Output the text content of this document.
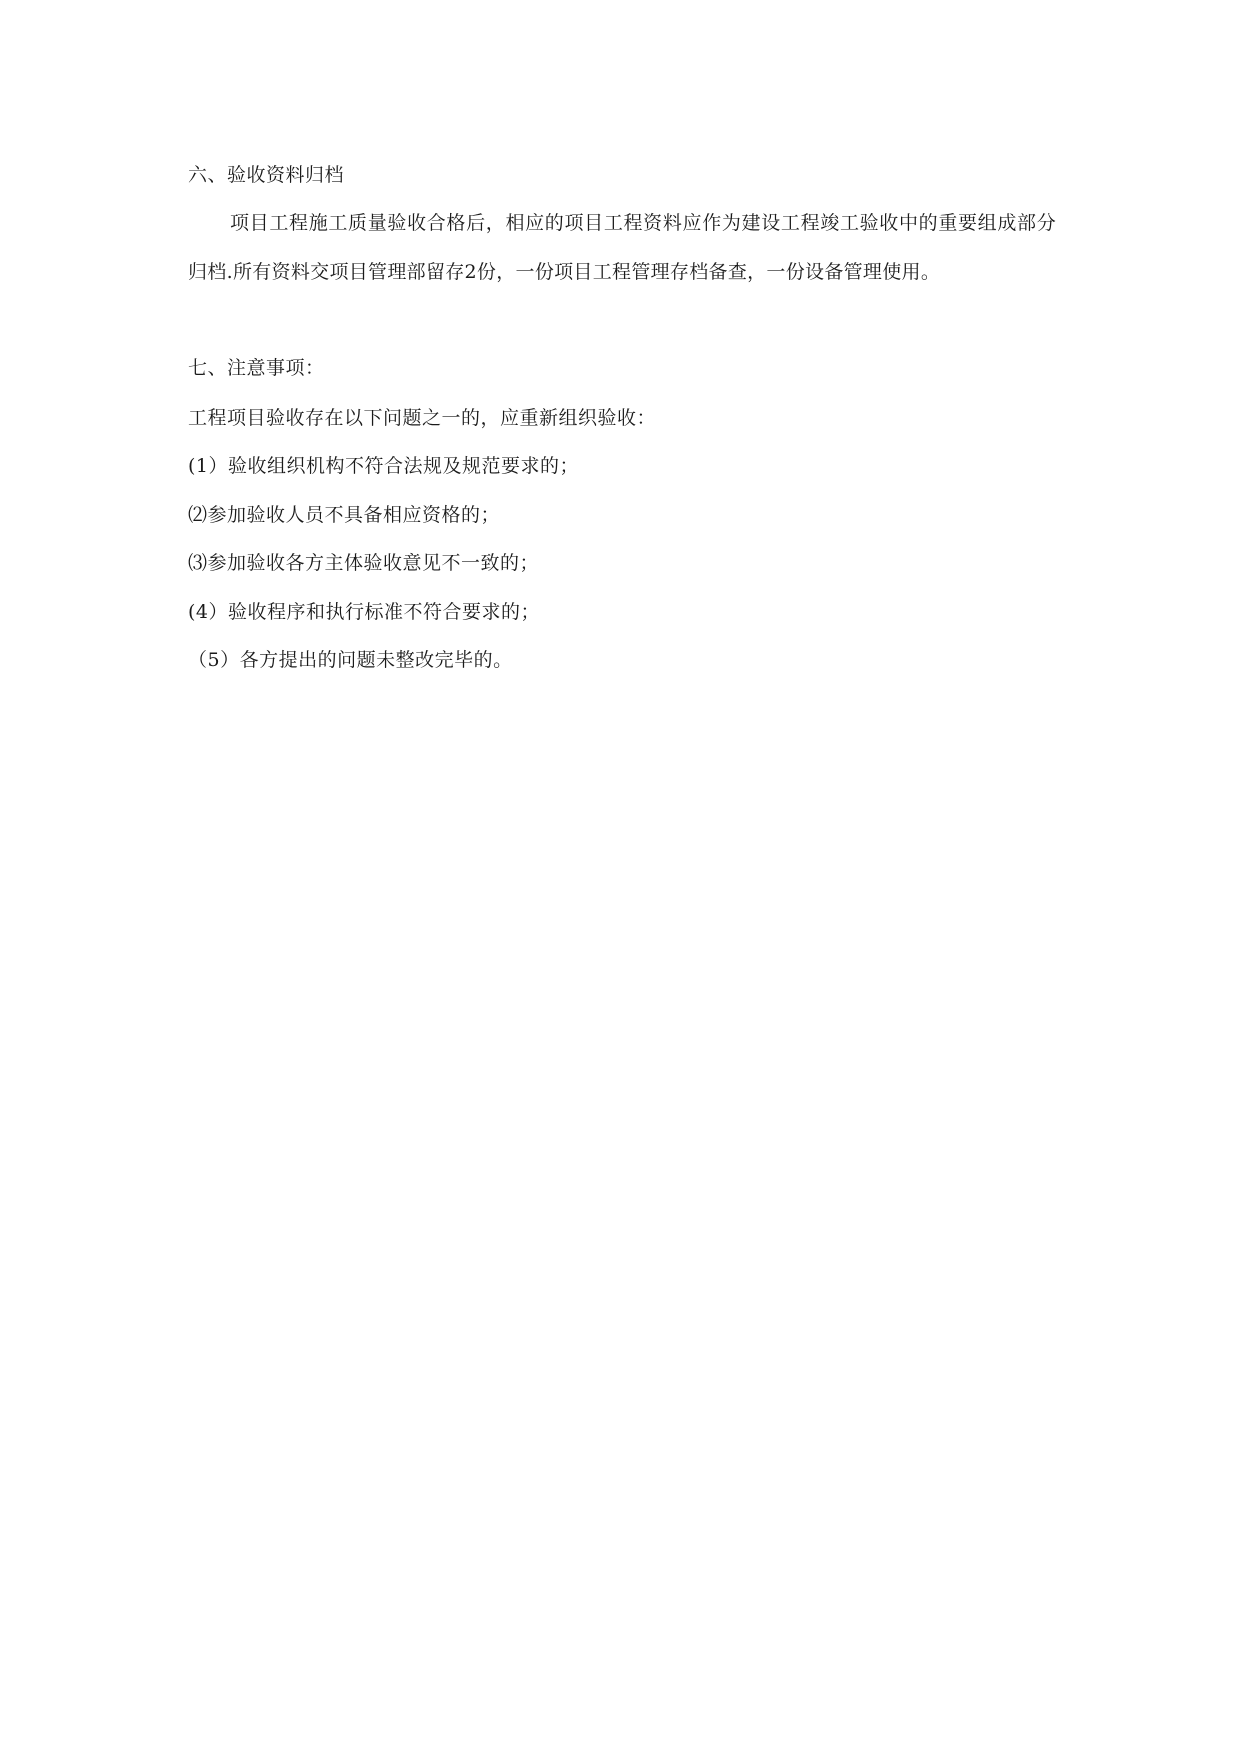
六、验收资料归档
项目工程施工质量验收合格后，相应的项目工程资料应作为建设工程竣工验收中的重要组成部分归档.所有资料交项目管理部留存2份，一份项目工程管理存档备查，一份设备管理使用。
七、注意事项：
工程项目验收存在以下问题之一的，应重新组织验收：
(1）验收组织机构不符合法规及规范要求的；
⑵参加验收人员不具备相应资格的；
⑶参加验收各方主体验收意见不一致的；
(4）验收程序和执行标准不符合要求的；
（5）各方提出的问题未整改完毕的。
